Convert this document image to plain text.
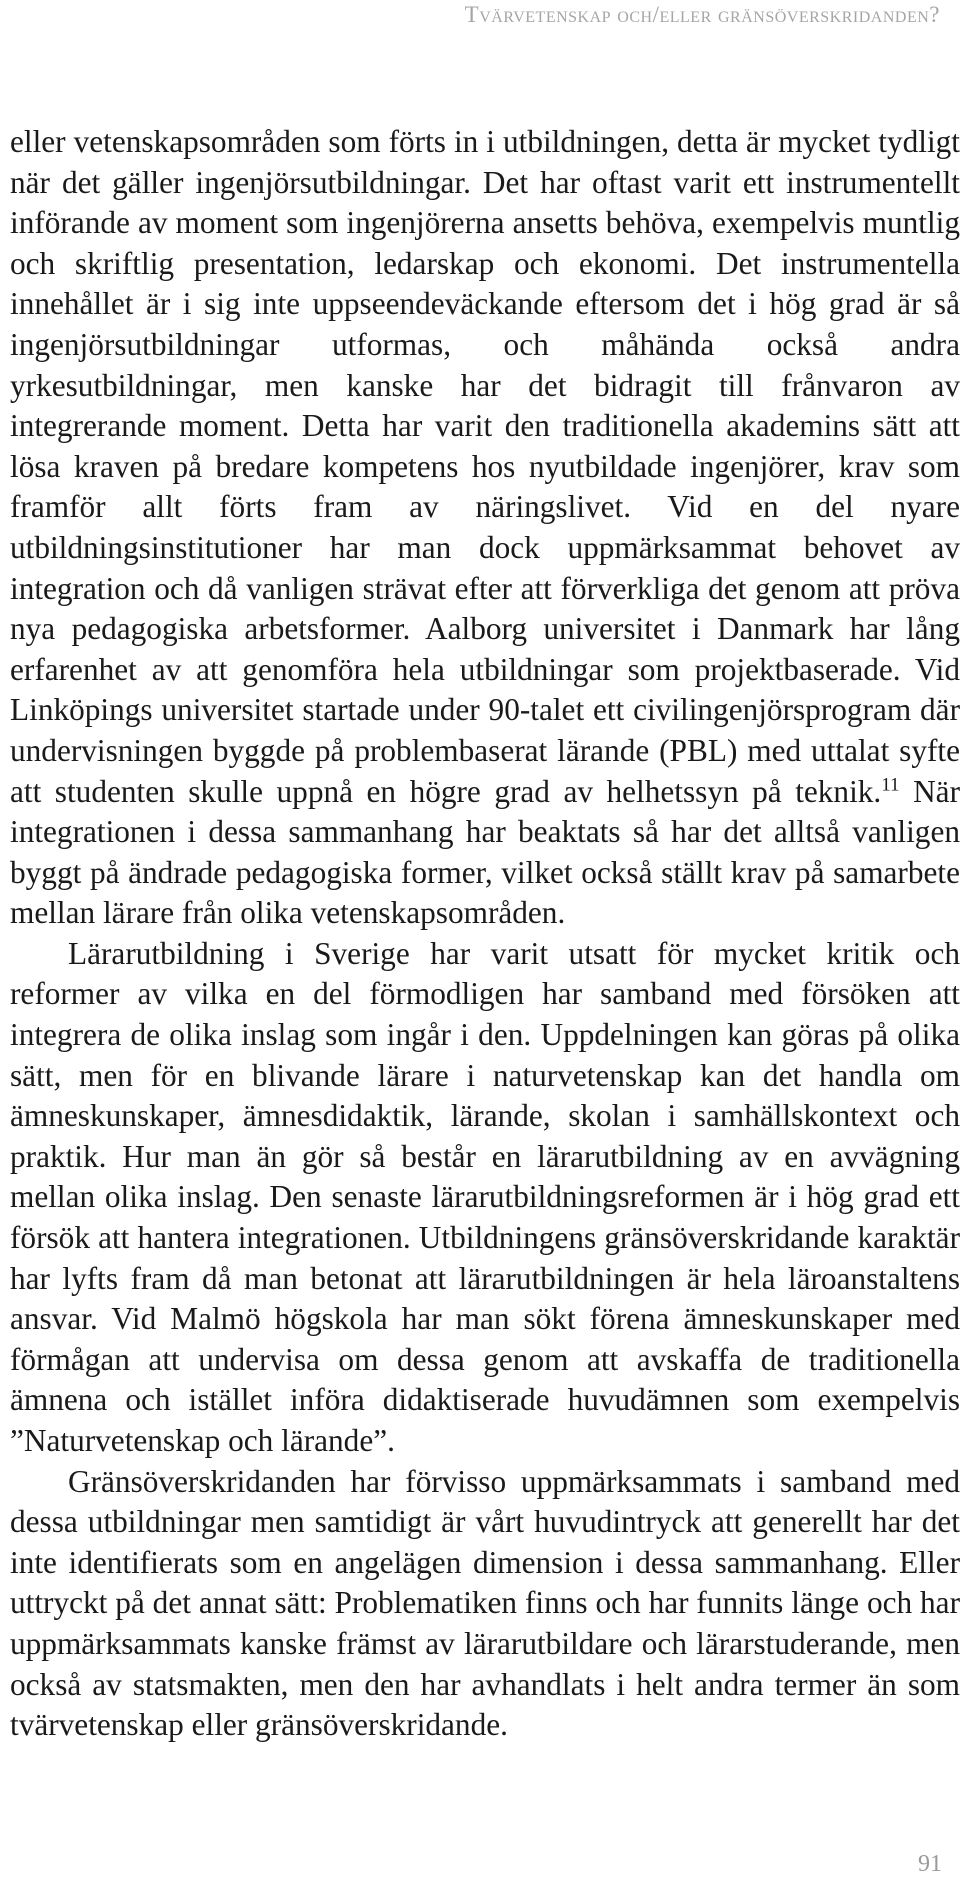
Tvärvetenskap och/eller gränsöverskridanden?

eller vetenskapsområden som förts in i utbildningen, detta är mycket tydligt när det gäller ingenjörsutbildningar. Det har oftast varit ett instrumentellt införande av moment som ingenjörerna ansetts behöva, exempelvis muntlig och skriftlig presentation, ledarskap och ekonomi. Det instrumentella innehållet är i sig inte uppseendeväckande eftersom det i hög grad är så ingenjörsutbildningar utformas, och måhända också andra yrkesutbildningar, men kanske har det bidragit till frånvaron av integrerande moment. Detta har varit den traditionella akademins sätt att lösa kraven på bredare kompetens hos nyutbildade ingenjörer, krav som framför allt förts fram av näringslivet. Vid en del nyare utbildningsinstitutioner har man dock uppmärksammat behovet av integration och då vanligen strävat efter att förverkliga det genom att pröva nya pedagogiska arbetsformer. Aalborg universitet i Danmark har lång erfarenhet av att genomföra hela utbildningar som projektbaserade. Vid Linköpings universitet startade under 90-talet ett civilingenjörsprogram där undervisningen byggde på problembaserat lärande (PBL) med uttalat syfte att studenten skulle uppnå en högre grad av helhetssyn på teknik.$^{11}$ När integrationen i dessa sammanhang har beaktats så har det alltså vanligen byggt på ändrade pedagogiska former, vilket också ställt krav på samarbete mellan lärare från olika vetenskapsområden.

Lärarutbildning i Sverige har varit utsatt för mycket kritik och reformer av vilka en del förmodligen har samband med försöken att integrera de olika inslag som ingår i den. Uppdelningen kan göras på olika sätt, men för en blivande lärare i naturvetenskap kan det handla om ämneskunskaper, ämnesdidaktik, lärande, skolan i samhällskontext och praktik. Hur man än gör så består en lärarutbildning av en avvägning mellan olika inslag. Den senaste lärarutbildningsreformen är i hög grad ett försök att hantera integrationen. Utbildningens gränsöverskridande karaktär har lyfts fram då man betonat att lärarutbildningen är hela läroanstaltens ansvar. Vid Malmö högskola har man sökt förena ämneskunskaper med förmågan att undervisa om dessa genom att avskaffa de traditionella ämnena och istället införa didaktiserade huvudämnen som exempelvis ”Naturvetenskap och lärande”.

Gränsöverskridanden har förvisso uppmärksammats i samband med dessa utbildningar men samtidigt är vårt huvudintryck att generellt har det inte identifierats som en angelägen dimension i dessa sammanhang. Eller uttryckt på det annat sätt: Problematiken finns och har funnits länge och har uppmärksammats kanske främst av lärarutbildare och lärarstuderande, men också av statsmakten, men den har avhandlats i helt andra termer än som tvärvetenskap eller gränsöverskridande.

91
